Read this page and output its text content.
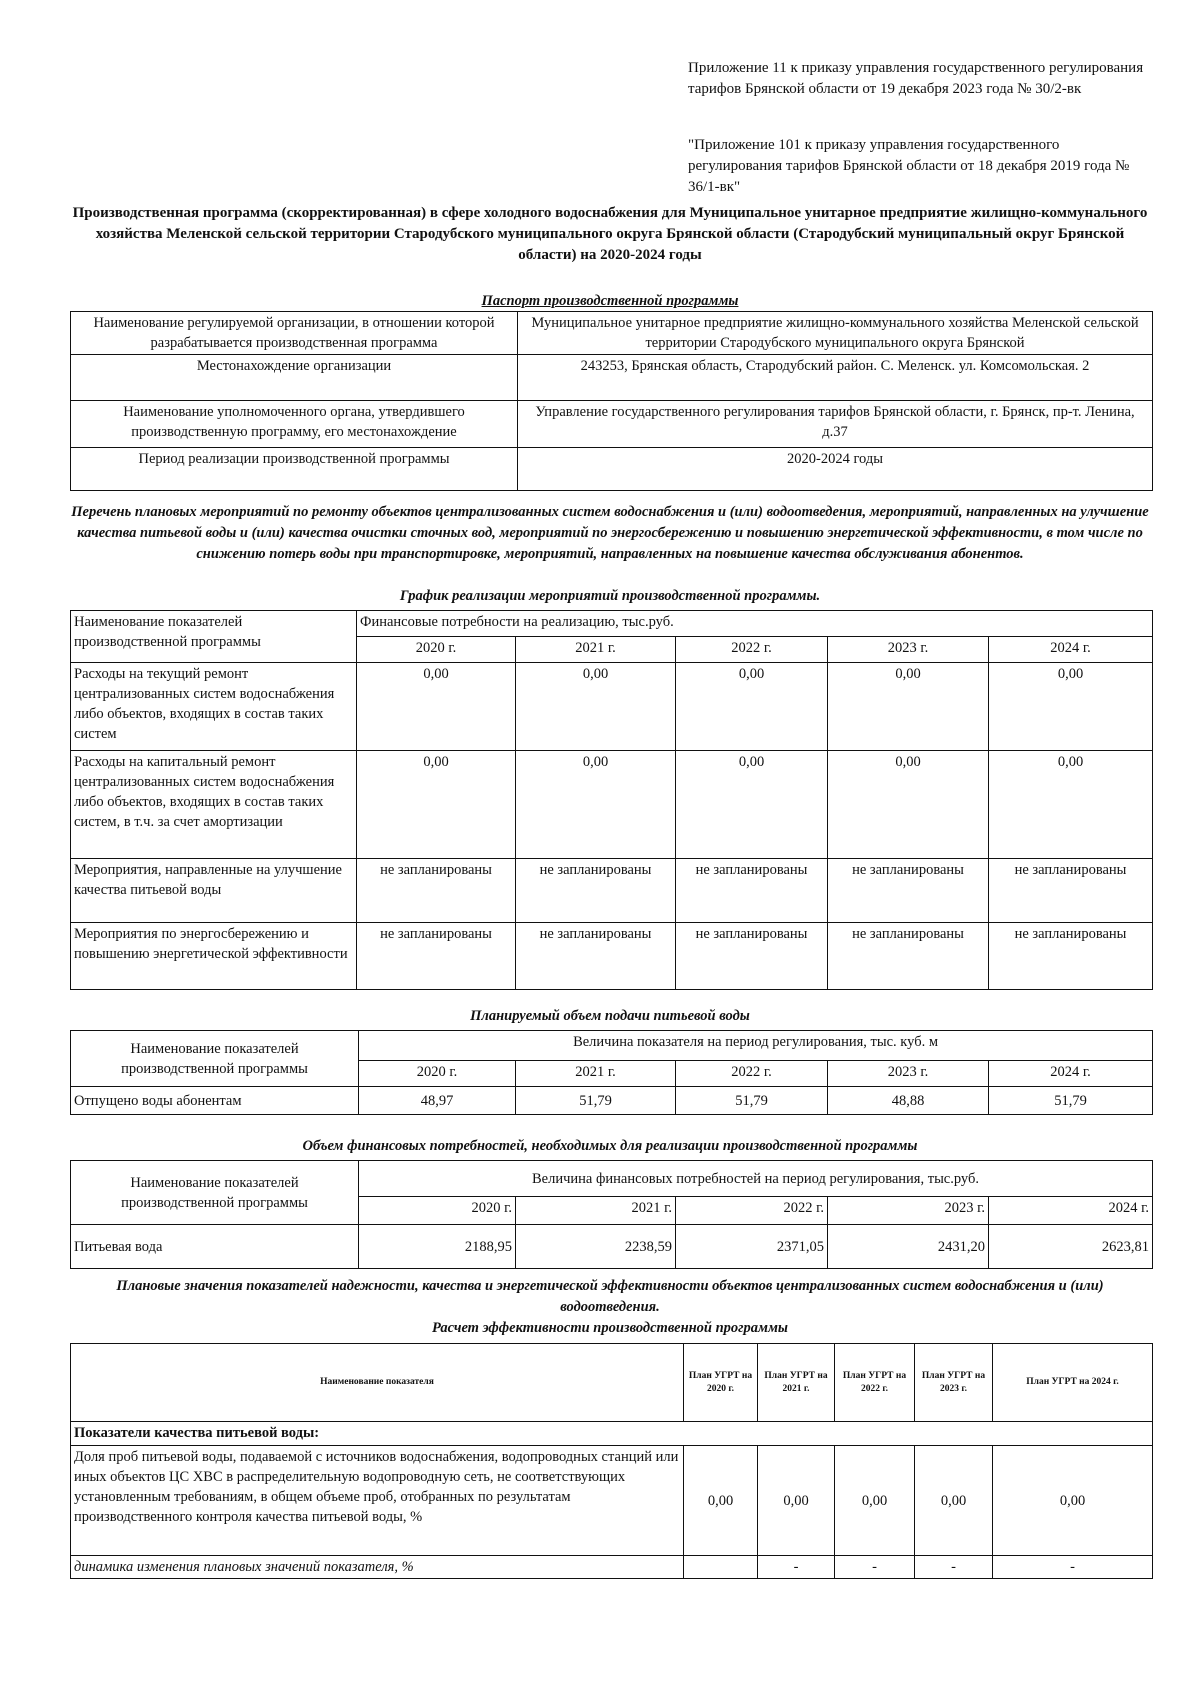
Приложение 11 к приказу управления государственного регулирования тарифов Брянской области от 19 декабря 2023 года № 30/2-вк
"Приложение 101 к приказу управления государственного регулирования тарифов Брянской области от 18 декабря 2019 года № 36/1-вк"
Производственная программа (скорректированная) в сфере холодного водоснабжения для Муниципальное унитарное предприятие жилищно-коммунального хозяйства Меленской сельской территории Стародубского муниципального округа Брянской области (Стародубский муниципальный округ Брянской области) на 2020-2024 годы
Паспорт производственной программы
Наименование регулируемой организации, в отношении которой разрабатывается производственная программа	Муниципальное унитарное предприятие жилищно-коммунального хозяйства Меленской сельской территории Стародубского муниципального округа Брянской
Местонахождение организации	243253, Брянская область, Стародубский район. С. Меленск. ул. Комсомольская. 2
Наименование уполномоченного органа, утвердившего производственную программу, его местонахождение	Управление государственного регулирования тарифов Брянской области, г. Брянск, пр-т. Ленина, д.37
Период реализации производственной программы	2020-2024 годы
Перечень плановых мероприятий по ремонту объектов централизованных систем водоснабжения и (или) водоотведения, мероприятий, направленных на улучшение качества питьевой воды и (или) качества очистки сточных вод, мероприятий по энергосбережению и повышению энергетической эффективности, в том числе по снижению потерь воды при транспортировке, мероприятий, направленных на повышение качества обслуживания абонентов.
График реализации мероприятий производственной программы.
Наименование показателей производственной программы	Финансовые потребности на реализацию, тыс.руб.				
	2020 г.	2021 г.	2022 г.	2023 г.	2024 г.
Расходы на текущий ремонт централизованных систем водоснабжения либо объектов, входящих в состав таких систем	0,00	0,00	0,00	0,00	0,00
Расходы на капитальный ремонт централизованных систем водоснабжения либо объектов, входящих в состав таких систем, в т.ч. за счет амортизации	0,00	0,00	0,00	0,00	0,00
Мероприятия, направленные на улучшение качества питьевой воды	не запланированы	не запланированы	не запланированы	не запланированы	не запланированы
Мероприятия по энергосбережению и повышению энергетической эффективности	не запланированы	не запланированы	не запланированы	не запланированы	не запланированы
Планируемый объем подачи питьевой воды
Наименование показателей производственной программы	Величина показателя на период регулирования, тыс. куб. м				
	2020 г.	2021 г.	2022 г.	2023 г.	2024 г.
Отпущено воды абонентам	48,97	51,79	51,79	48,88	51,79
Объем финансовых потребностей, необходимых для реализации производственной программы
Наименование показателей производственной программы	Величина финансовых потребностей на период регулирования, тыс.руб.				
	2020 г.	2021 г.	2022 г.	2023 г.	2024 г.
Питьевая вода	2188,95	2238,59	2371,05	2431,20	2623,81
Плановые значения показателей надежности, качества и энергетической эффективности объектов централизованных систем водоснабжения и (или) водоотведения.
Расчет эффективности производственной программы
Наименование показателя	План УГРТ на 2020 г.	План УГРТ на 2021 г.	План УГРТ на 2022 г.	План УГРТ на 2023 г.	План УГРТ на 2024 г.
Показатели качества питьевой воды:					
Доля проб питьевой воды, подаваемой с источников водоснабжения, водопроводных станций или иных объектов ЦС ХВС в распределительную водопроводную сеть, не соответствующих установленным требованиям, в общем объеме проб, отобранных по результатам производственного контроля качества питьевой воды, %	0,00	0,00	0,00	0,00	0,00
динамика изменения плановых значений показателя, %		-	-	-	-
